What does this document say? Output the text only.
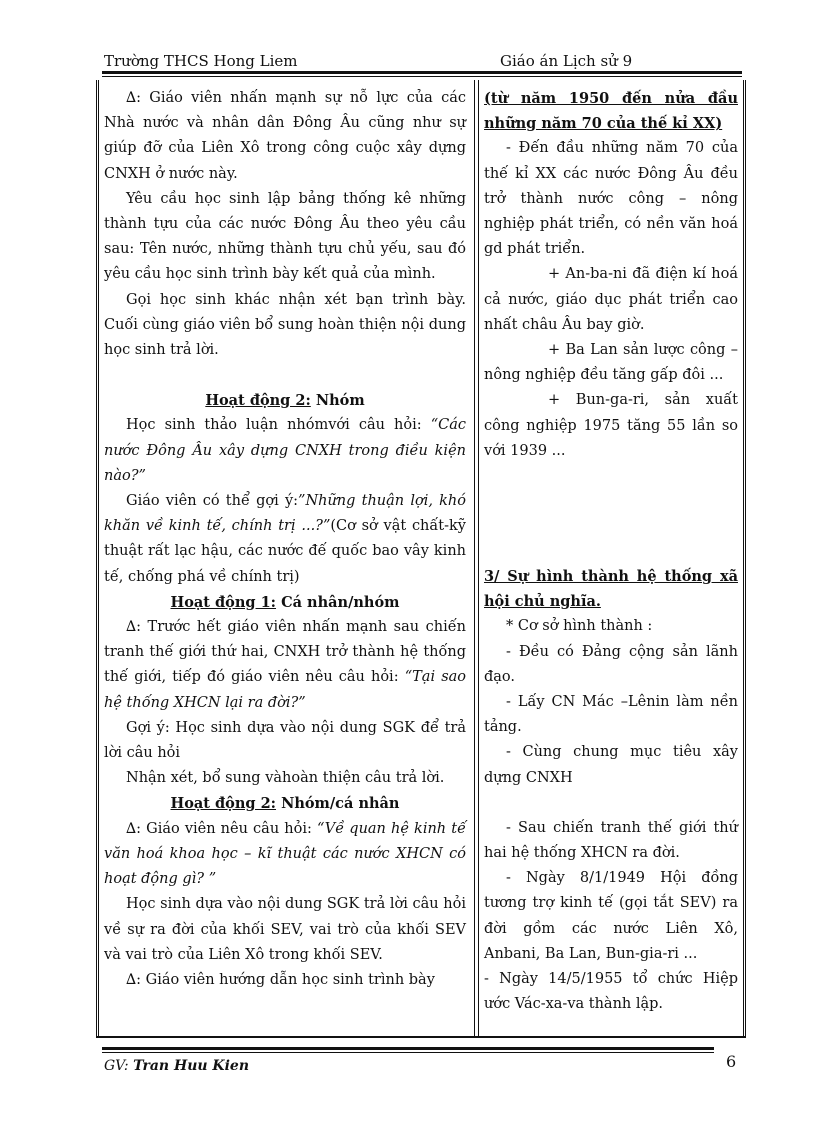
Trường THCS Hong Liem	Giáo án Lịch sử 9

∆: Giáo viên nhấn mạnh sự nỗ lực của các Nhà nước và nhân dân Đông Âu cũng như sự giúp đỡ của Liên Xô trong công cuộc xây dựng CNXH ở nước này.

Yêu cầu học sinh lập bảng thống kê những thành tựu của các nước Đông Âu theo yêu cầu sau: Tên nước, những thành tựu chủ yếu, sau đó yêu cầu học sinh trình bày kết quả của mình.

Gọi học sinh khác nhận xét bạn trình bày. Cuối cùng giáo viên bổ sung hoàn thiện nội dung học sinh trả lời.

Hoạt động 2: Nhóm

Học sinh thảo luận nhómvới câu hỏi: “Các nước Đông Âu xây dựng CNXH trong điều kiện nào?”

Giáo viên có thể gợi ý:”Những thuận lợi, khó khăn về kinh tế, chính trị ...?”(Cơ sở vật chất-kỹ thuật rất lạc hậu, các nước đế quốc bao vây kinh tế, chống phá về chính trị)

Hoạt động 1: Cá nhân/nhóm

∆: Trước hết giáo viên nhấn mạnh sau chiến tranh thế giới thứ hai, CNXH trở thành hệ thống thế giới, tiếp đó giáo viên nêu câu hỏi: “Tại sao hệ thống XHCN lại ra đời?”

Gợi ý: Học sinh dựa vào nội dung SGK để trả lời câu hỏi

Nhận xét, bổ sung vàhoàn thiện câu trả lời.

Hoạt động 2: Nhóm/cá nhân

∆: Giáo viên nêu câu hỏi: “Về quan hệ kinh tế văn hoá khoa học – kĩ thuật các nước XHCN có hoạt động gì? ”

Học sinh dựa vào nội dung SGK trả lời câu hỏi về sự ra đời của khối SEV, vai trò của khối SEV và vai trò của Liên Xô trong khối SEV.

∆: Giáo viên hướng dẫn học sinh trình bày

(từ năm 1950 đến nửa đầu những năm 70 của thế kỉ XX)

- Đến đầu những năm 70 của thế kỉ XX các nước Đông Âu đều trở thành nước công – nông nghiệp phát triển, có nền văn hoá gd phát triển.

+ An-ba-ni đã điện kí hoá cả nước, giáo dục phát triển cao nhất châu Âu bay giờ.

+ Ba Lan sản lược công – nông nghiệp đều tăng gấp đôi ...

+ Bun-ga-ri, sản xuất công nghiệp 1975 tăng 55 lần so với 1939 ...

3/ Sự hình thành hệ thống xã hội chủ nghĩa.

* Cơ sở hình thành :

- Đều có Đảng cộng sản lãnh đạo.

- Lấy CN Mác –Lênin làm nền tảng.

- Cùng chung mục tiêu xây dựng CNXH

- Sau chiến tranh thế giới thứ hai hệ thống XHCN ra đời.

- Ngày 8/1/1949 Hội đồng tương trợ kinh tế (gọi tắt SEV) ra đời gồm các nước Liên Xô, Anbani, Ba Lan, Bun-gia-ri ...

- Ngày 14/5/1955 tổ chức Hiệp ước Vác-xa-va thành lập.

GV: Tran Huu Kien	6
